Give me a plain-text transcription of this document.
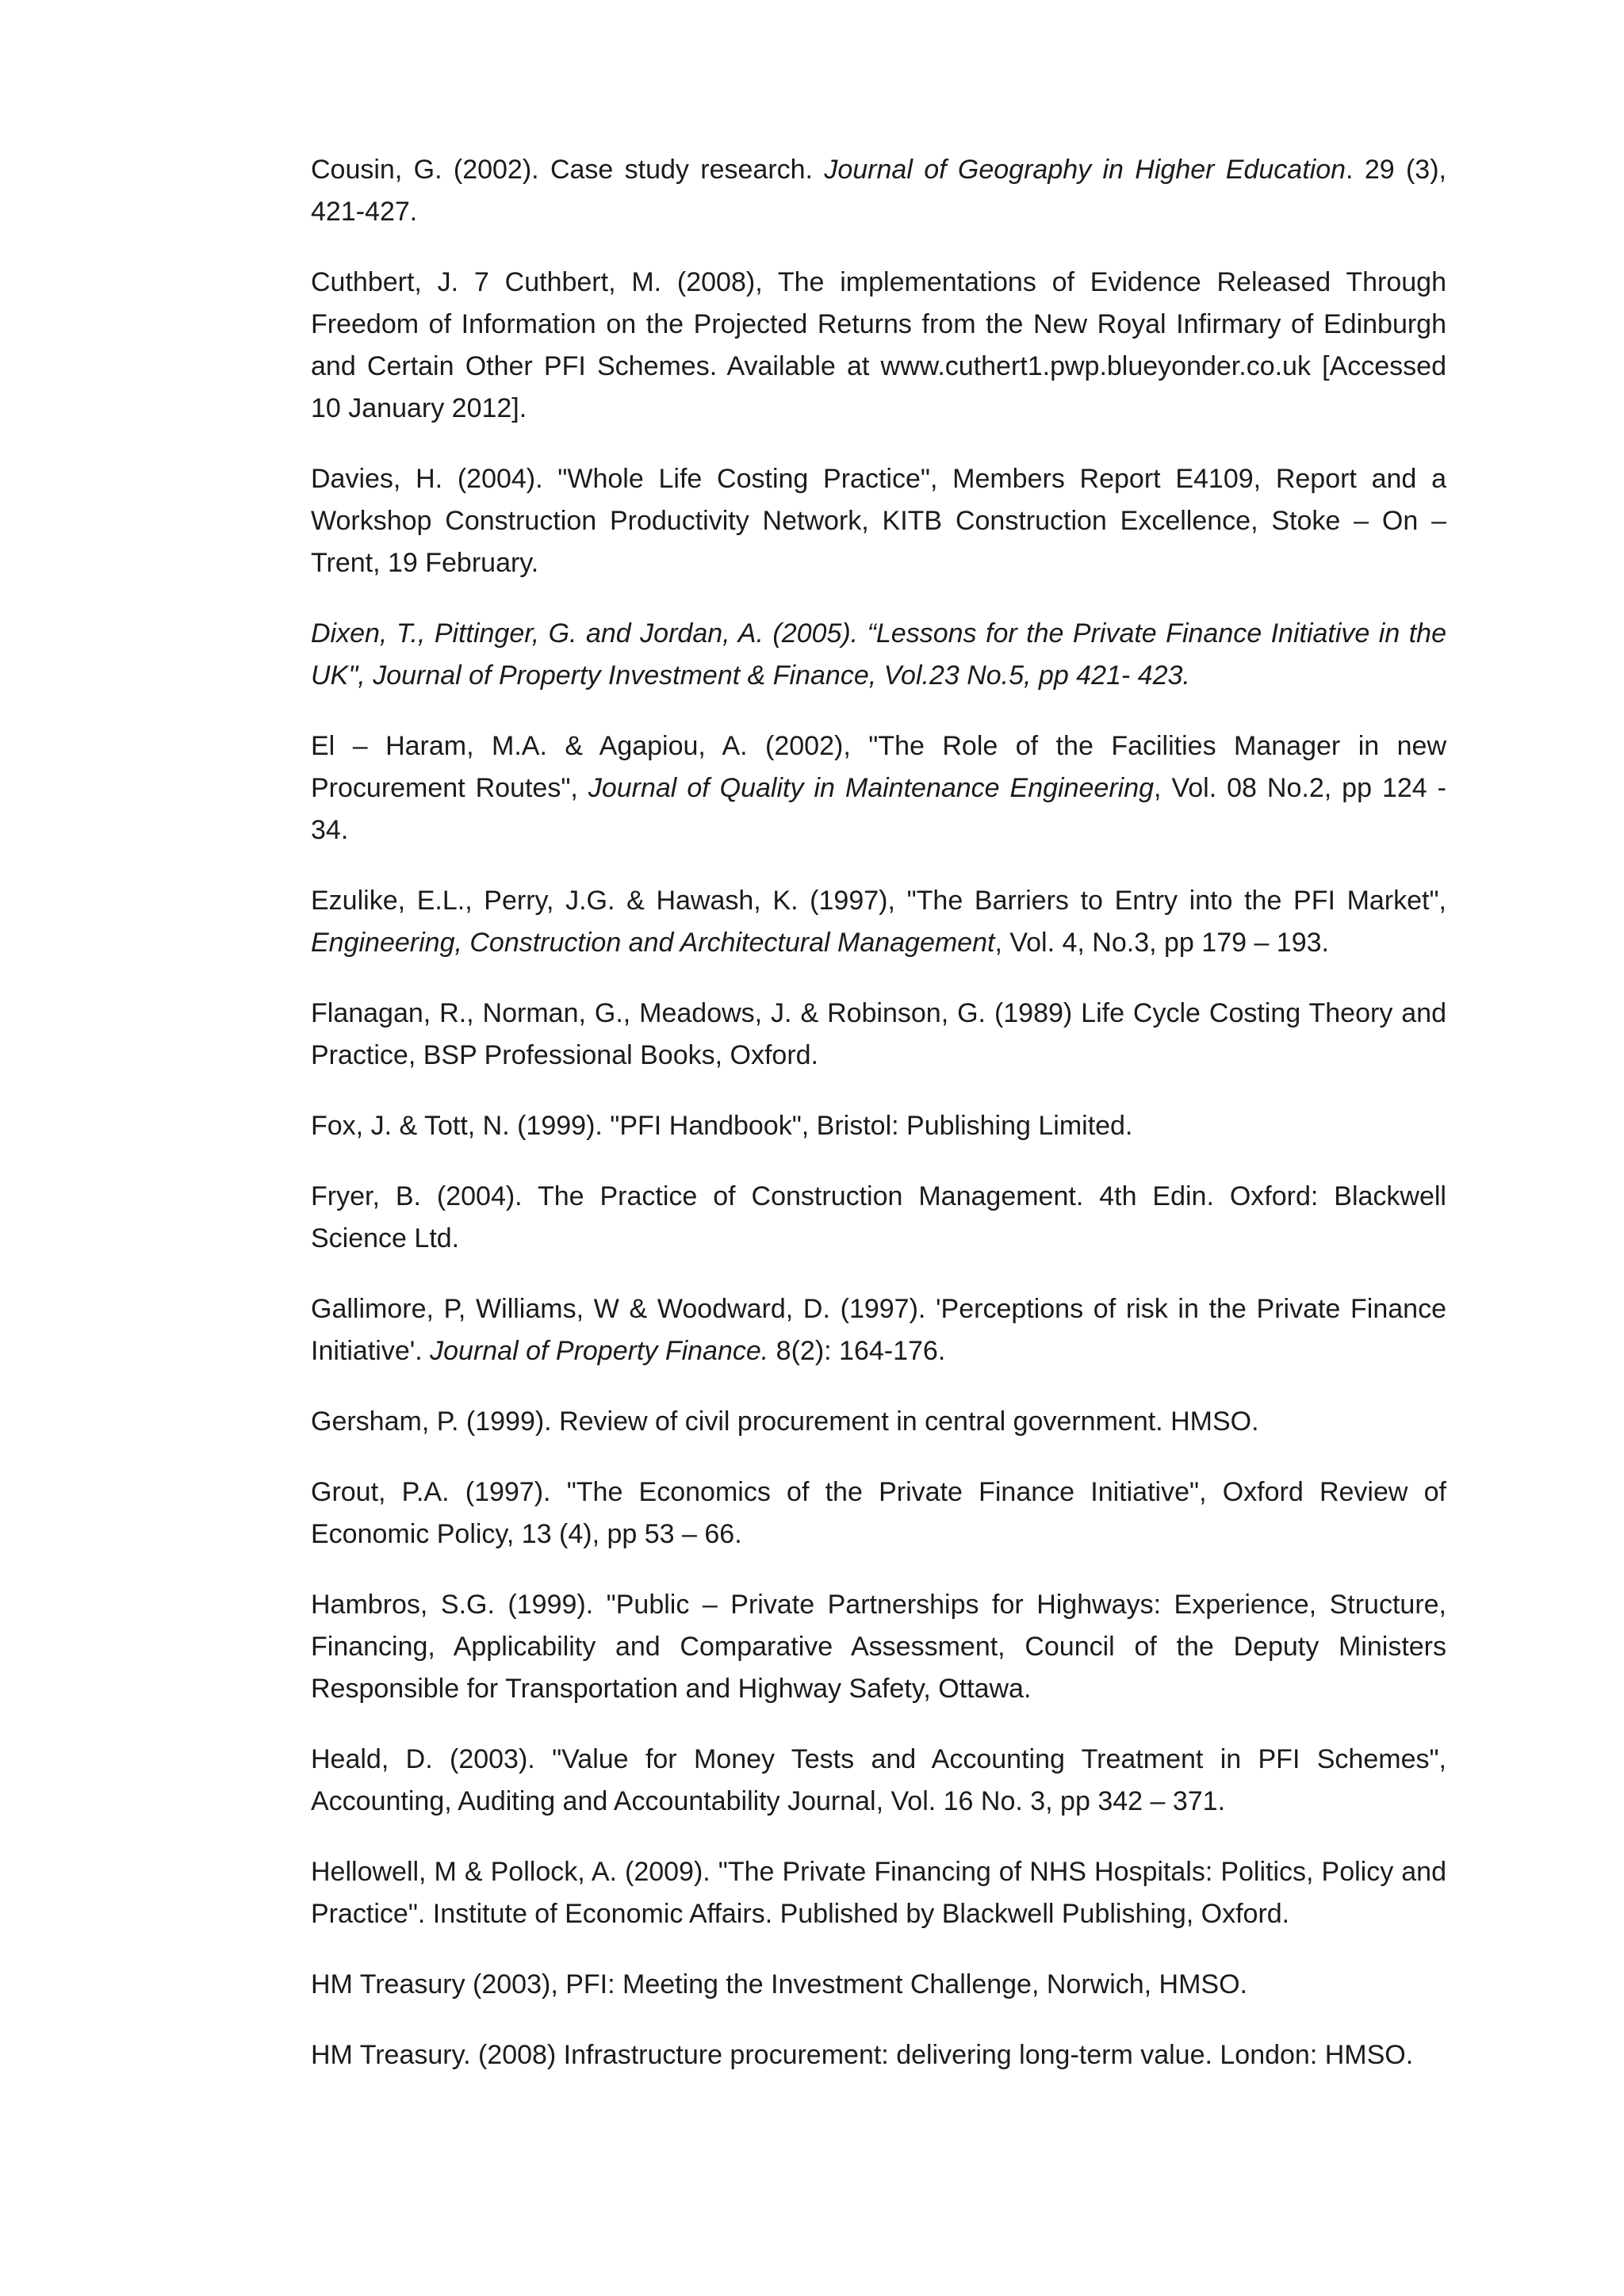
Cousin, G. (2002). Case study research. Journal of Geography in Higher Education. 29 (3), 421-427.

Cuthbert, J. 7 Cuthbert, M. (2008), The implementations of Evidence Released Through Freedom of Information on the Projected Returns from the New Royal Infirmary of Edinburgh and Certain Other PFI Schemes. Available at www.cuthert1.pwp.blueyonder.co.uk [Accessed 10 January 2012].

Davies, H. (2004). "Whole Life Costing Practice", Members Report E4109, Report and a Workshop Construction Productivity Network, KITB Construction Excellence, Stoke – On – Trent, 19 February.

Dixen, T., Pittinger, G. and Jordan, A. (2005). “Lessons for the Private Finance Initiative in the UK", Journal of Property Investment & Finance, Vol.23 No.5, pp 421- 423.

El – Haram, M.A. & Agapiou, A. (2002), "The Role of the Facilities Manager in new Procurement Routes", Journal of Quality in Maintenance Engineering, Vol. 08 No.2, pp 124 - 34.

Ezulike, E.L., Perry, J.G. & Hawash, K. (1997), "The Barriers to Entry into the PFI Market", Engineering, Construction and Architectural Management, Vol. 4, No.3, pp 179 – 193.

Flanagan, R., Norman, G., Meadows, J. & Robinson, G. (1989) Life Cycle Costing Theory and Practice, BSP Professional Books, Oxford.

Fox, J. & Tott, N. (1999). "PFI Handbook", Bristol: Publishing Limited.

Fryer, B. (2004). The Practice of Construction Management. 4th Edin. Oxford: Blackwell Science Ltd.

Gallimore, P, Williams, W & Woodward, D. (1997). 'Perceptions of risk in the Private Finance Initiative'. Journal of Property Finance. 8(2): 164-176.

Gersham, P. (1999). Review of civil procurement in central government. HMSO.

Grout, P.A. (1997). "The Economics of the Private Finance Initiative", Oxford Review of Economic Policy, 13 (4), pp 53 – 66.

Hambros, S.G. (1999). "Public – Private Partnerships for Highways: Experience, Structure, Financing, Applicability and Comparative Assessment, Council of the Deputy Ministers Responsible for Transportation and Highway Safety, Ottawa.

Heald, D. (2003). "Value for Money Tests and Accounting Treatment in PFI Schemes", Accounting, Auditing and Accountability Journal, Vol. 16 No. 3, pp 342 – 371.

Hellowell, M & Pollock, A. (2009). "The Private Financing of NHS Hospitals: Politics, Policy and Practice". Institute of Economic Affairs. Published by Blackwell Publishing, Oxford.

HM Treasury (2003), PFI: Meeting the Investment Challenge, Norwich, HMSO.

HM Treasury. (2008) Infrastructure procurement: delivering long-term value. London: HMSO.
